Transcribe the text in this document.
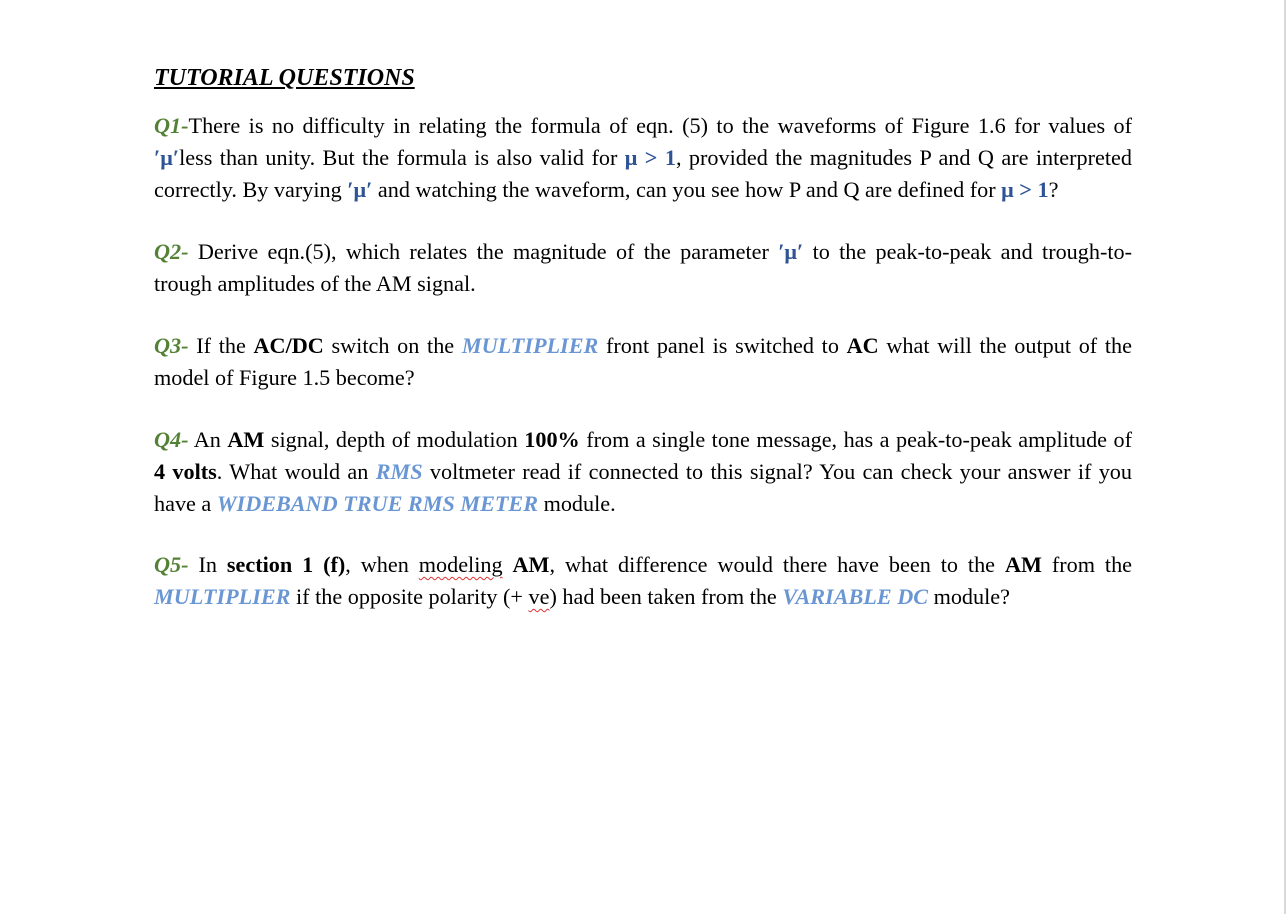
TUTORIAL QUESTIONS

Q1-There is no difficulty in relating the formula of eqn. (5) to the waveforms of Figure 1.6 for values of ′μ′less than unity. But the formula is also valid for μ > 1, provided the magnitudes P and Q are interpreted correctly. By varying ′μ′ and watching the waveform, can you see how P and Q are defined for μ > 1?

Q2- Derive eqn.(5), which relates the magnitude of the parameter ′μ′ to the peak-to-peak and trough-to-trough amplitudes of the AM signal.

Q3- If the AC/DC switch on the MULTIPLIER front panel is switched to AC what will the output of the model of Figure 1.5 become?

Q4- An AM signal, depth of modulation 100% from a single tone message, has a peak-to-peak amplitude of 4 volts. What would an RMS voltmeter read if connected to this signal? You can check your answer if you have a WIDEBAND TRUE RMS METER module.

Q5- In section 1 (f), when modeling AM, what difference would there have been to the AM from the MULTIPLIER if the opposite polarity (+ ve) had been taken from the VARIABLE DC module?
